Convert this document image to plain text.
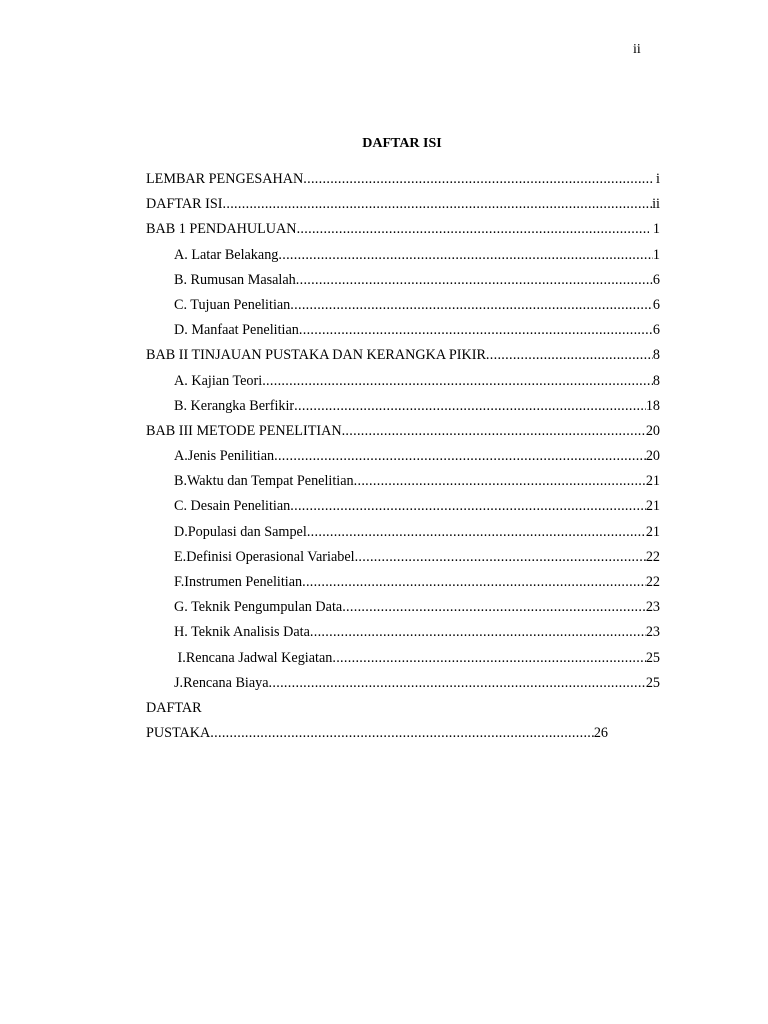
ii
DAFTAR ISI
LEMBAR PENGESAHAN .....	i
DAFTAR ISI .....	ii
BAB 1 PENDAHULUAN .....	1
A. Latar Belakang .....	1
B. Rumusan Masalah .....	6
C. Tujuan Penelitian .....	6
D. Manfaat Penelitian .....	6
BAB II TINJAUAN PUSTAKA DAN KERANGKA PIKIR .....	8
A. Kajian Teori .....	8
B. Kerangka Berfikir .....	18
BAB III METODE PENELITIAN .....	20
A.Jenis Penilitian .....	20
B.Waktu dan Tempat Penelitian .....	21
C. Desain Penelitian .....	21
D.Populasi dan Sampel .....	21
E.Definisi Operasional Variabel .....	22
F.Instrumen Penelitian .....	22
G. Teknik Pengumpulan Data .....	23
H. Teknik Analisis Data .....	23
I.Rencana Jadwal Kegiatan .....	25
J.Rencana Biaya .....	25
DAFTAR
PUSTAKA .....	26
